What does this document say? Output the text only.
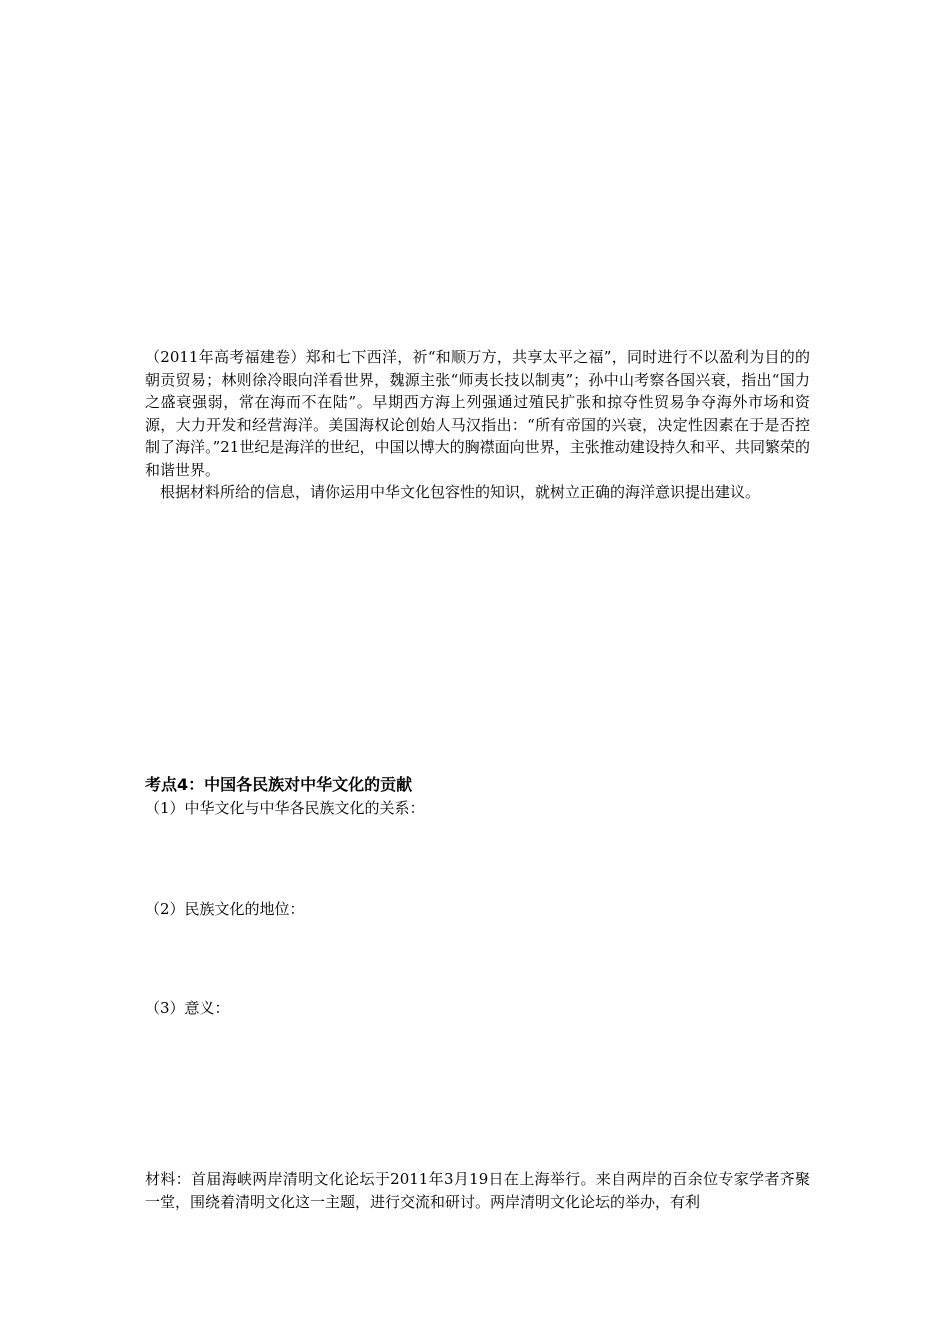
（2011年高考福建卷）郑和七下西洋，祈“和顺万方，共享太平之福”，同时进行不以盈利为目的的朝贡贸易；林则徐冷眼向洋看世界，魏源主张“师夷长技以制夷”；孙中山考察各国兴衰，指出“国力之盛衰强弱，常在海而不在陆”。早期西方海上列强通过殖民扩张和掠夺性贸易争夺海外市场和资源，大力开发和经营海洋。美国海权论创始人马汉指出：“所有帝国的兴衰，决定性因素在于是否控制了海洋。”21世纪是海洋的世纪，中国以博大的胸襟面向世界，主张推动建设持久和平、共同繁荣的和谐世界。

根据材料所给的信息，请你运用中华文化包容性的知识，就树立正确的海洋意识提出建议。

考点4：中国各民族对中华文化的贡献
（1）中华文化与中华各民族文化的关系：
（2）民族文化的地位：
（3）意义：

材料：首届海峡两岸清明文化论坛于2011年3月19日在上海举行。来自两岸的百余位专家学者齐聚一堂，围绕着清明文化这一主题，进行交流和研讨。两岸清明文化论坛的举办，有利
